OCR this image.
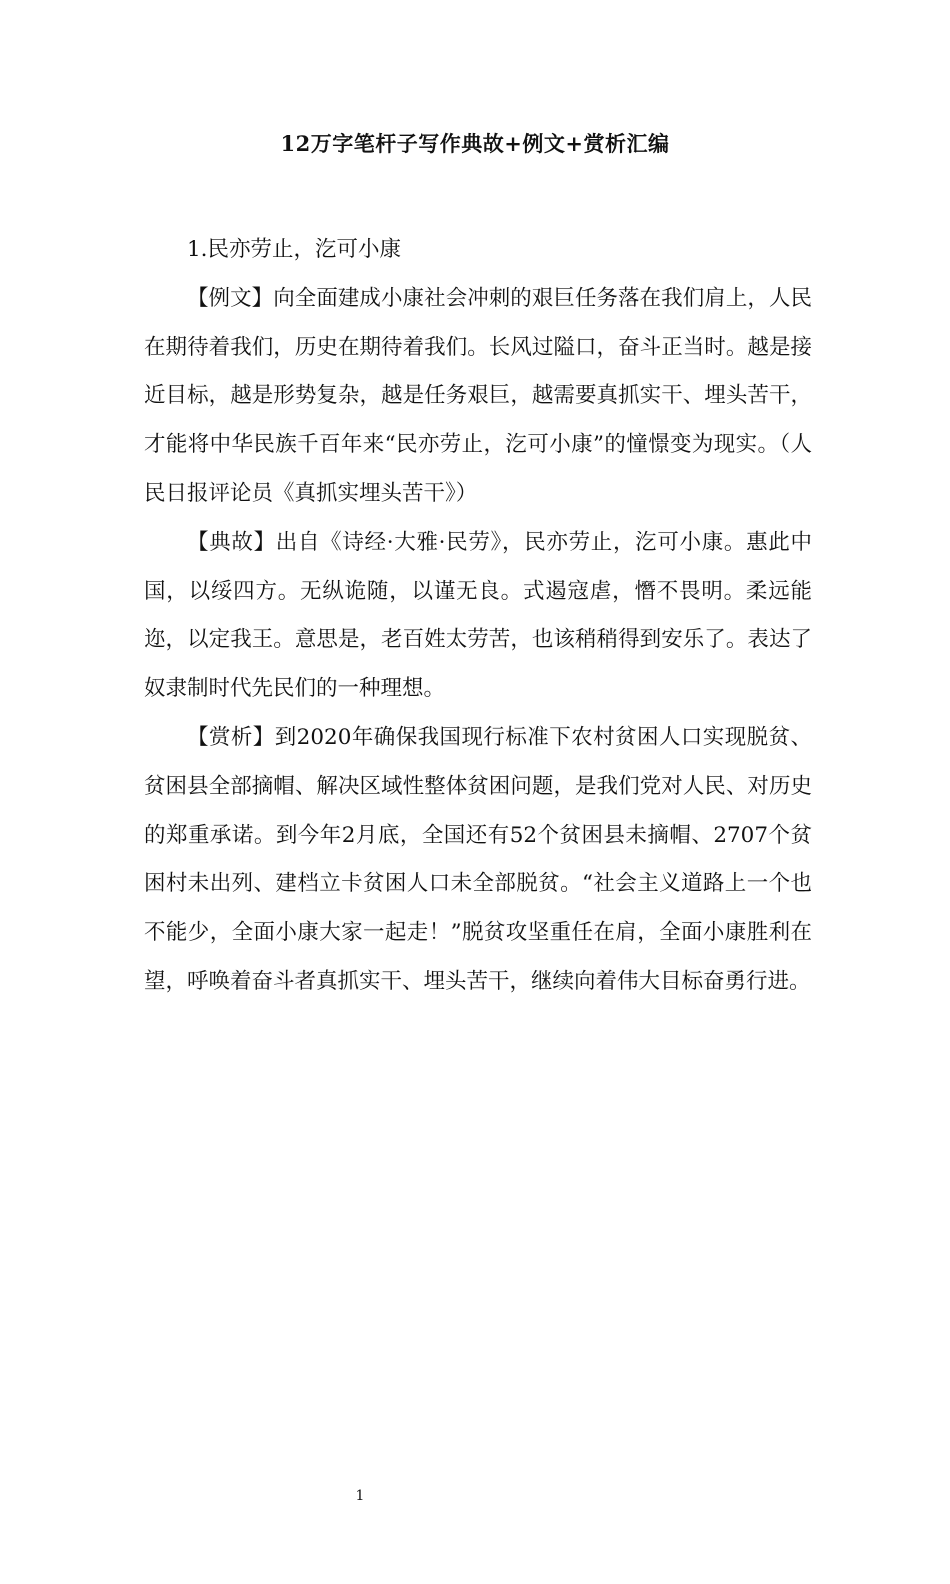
12万字笔杆子写作典故+例文+赏析汇编

1.民亦劳止，汔可小康

【例文】向全面建成小康社会冲刺的艰巨任务落在我们肩上，人民在期待着我们，历史在期待着我们。长风过隘口，奋斗正当时。越是接近目标，越是形势复杂，越是任务艰巨，越需要真抓实干、埋头苦干，才能将中华民族千百年来“民亦劳止，汔可小康”的憧憬变为现实。（人民日报评论员《真抓实埋头苦干》）

【典故】出自《诗经·大雅·民劳》，民亦劳止，汔可小康。惠此中国，以绥四方。无纵诡随，以谨无良。式遏寇虐，憯不畏明。柔远能迩，以定我王。意思是，老百姓太劳苦，也该稍稍得到安乐了。表达了奴隶制时代先民们的一种理想。

【赏析】到2020年确保我国现行标准下农村贫困人口实现脱贫、贫困县全部摘帽、解决区域性整体贫困问题，是我们党对人民、对历史的郑重承诺。到今年2月底，全国还有52个贫困县未摘帽、2707个贫困村未出列、建档立卡贫困人口未全部脱贫。“社会主义道路上一个也不能少，全面小康大家一起走！”脱贫攻坚重任在肩，全面小康胜利在望，呼唤着奋斗者真抓实干、埋头苦干，继续向着伟大目标奋勇行进。

1
